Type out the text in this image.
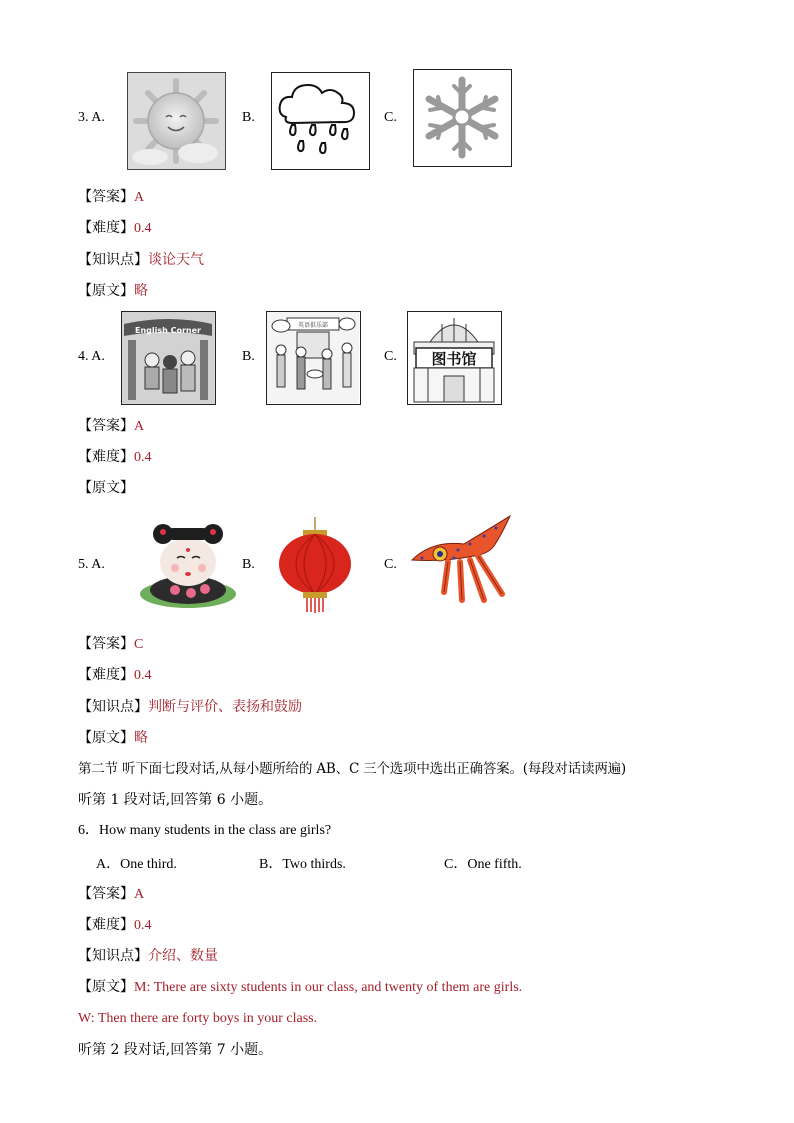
3. A.	B.	C.
【答案】A
【难度】0.4
【知识点】谈论天气
【原文】略
4. A.
English Corner
B.
英语俱乐部
C. 图书馆
【答案】A
【难度】0.4
【原文】
5. A.	B.	C.
【答案】C
【难度】0.4
【知识点】判断与评价、表扬和鼓励
【原文】略
第二节 听下面七段对话,从每小题所给的 AB、C 三个选项中选出正确答案。(每段对话读两遍)
听第 1 段对话,回答第 6 小题。
6．How many students in the class are girls?
A．One third.	B．Two thirds.	C．One fifth.
【答案】A
【难度】0.4
【知识点】介绍、数量
【原文】M: There are sixty students in our class, and twenty of them are girls.
W: Then there are forty boys in your class.
听第 2 段对话,回答第 7 小题。
